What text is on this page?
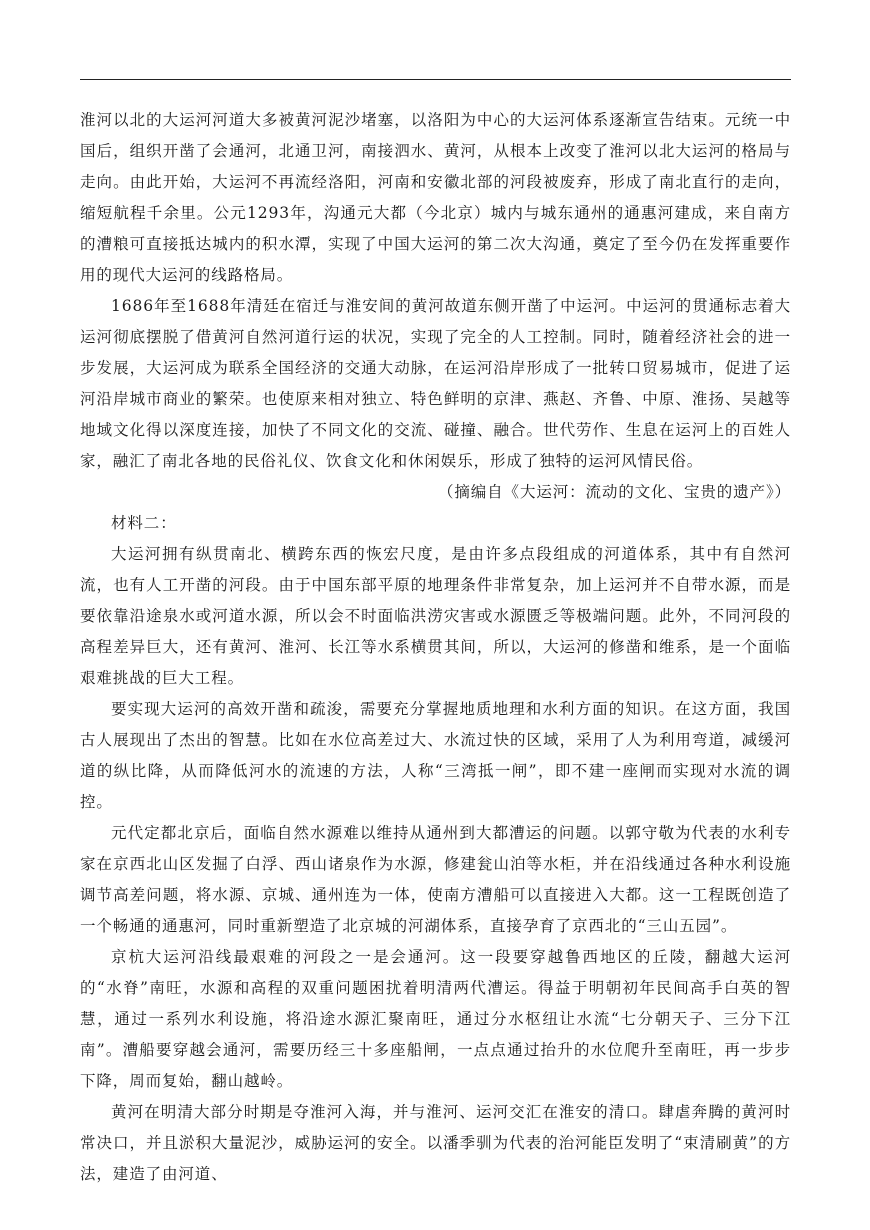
淮河以北的大运河河道大多被黄河泥沙堵塞，以洛阳为中心的大运河体系逐渐宣告结束。元统一中国后，组织开凿了会通河，北通卫河，南接泗水、黄河，从根本上改变了淮河以北大运河的格局与走向。由此开始，大运河不再流经洛阳，河南和安徽北部的河段被废弃，形成了南北直行的走向，缩短航程千余里。公元1293年，沟通元大都（今北京）城内与城东通州的通惠河建成，来自南方的漕粮可直接抵达城内的积水潭，实现了中国大运河的第二次大沟通，奠定了至今仍在发挥重要作用的现代大运河的线路格局。

1686年至1688年清廷在宿迁与淮安间的黄河故道东侧开凿了中运河。中运河的贯通标志着大运河彻底摆脱了借黄河自然河道行运的状况，实现了完全的人工控制。同时，随着经济社会的进一步发展，大运河成为联系全国经济的交通大动脉，在运河沿岸形成了一批转口贸易城市，促进了运河沿岸城市商业的繁荣。也使原来相对独立、特色鲜明的京津、燕赵、齐鲁、中原、淮扬、吴越等地域文化得以深度连接，加快了不同文化的交流、碰撞、融合。世代劳作、生息在运河上的百姓人家，融汇了南北各地的民俗礼仪、饮食文化和休闲娱乐，形成了独特的运河风情民俗。

（摘编自《大运河：流动的文化、宝贵的遗产》）

材料二：

大运河拥有纵贯南北、横跨东西的恢宏尺度，是由许多点段组成的河道体系，其中有自然河流，也有人工开凿的河段。由于中国东部平原的地理条件非常复杂，加上运河并不自带水源，而是要依靠沿途泉水或河道水源，所以会不时面临洪涝灾害或水源匮乏等极端问题。此外，不同河段的高程差异巨大，还有黄河、淮河、长江等水系横贯其间，所以，大运河的修凿和维系，是一个面临艰难挑战的巨大工程。

要实现大运河的高效开凿和疏浚，需要充分掌握地质地理和水利方面的知识。在这方面，我国古人展现出了杰出的智慧。比如在水位高差过大、水流过快的区域，采用了人为利用弯道，减缓河道的纵比降，从而降低河水的流速的方法，人称“三湾抵一闸”，即不建一座闸而实现对水流的调控。

元代定都北京后，面临自然水源难以维持从通州到大都漕运的问题。以郭守敬为代表的水利专家在京西北山区发掘了白浮、西山诸泉作为水源，修建瓮山泊等水柜，并在沿线通过各种水利设施调节高差问题，将水源、京城、通州连为一体，使南方漕船可以直接进入大都。这一工程既创造了一个畅通的通惠河，同时重新塑造了北京城的河湖体系，直接孕育了京西北的“三山五园”。

京杭大运河沿线最艰难的河段之一是会通河。这一段要穿越鲁西地区的丘陵，翻越大运河的“水脊”南旺，水源和高程的双重问题困扰着明清两代漕运。得益于明朝初年民间高手白英的智慧，通过一系列水利设施，将沿途水源汇聚南旺，通过分水枢纽让水流“七分朝天子、三分下江南”。漕船要穿越会通河，需要历经三十多座船闸，一点点通过抬升的水位爬升至南旺，再一步步下降，周而复始，翻山越岭。

黄河在明清大部分时期是夺淮河入海，并与淮河、运河交汇在淮安的清口。肆虐奔腾的黄河时常决口，并且淤积大量泥沙，威胁运河的安全。以潘季驯为代表的治河能臣发明了“束清刷黄”的方法，建造了由河道、
